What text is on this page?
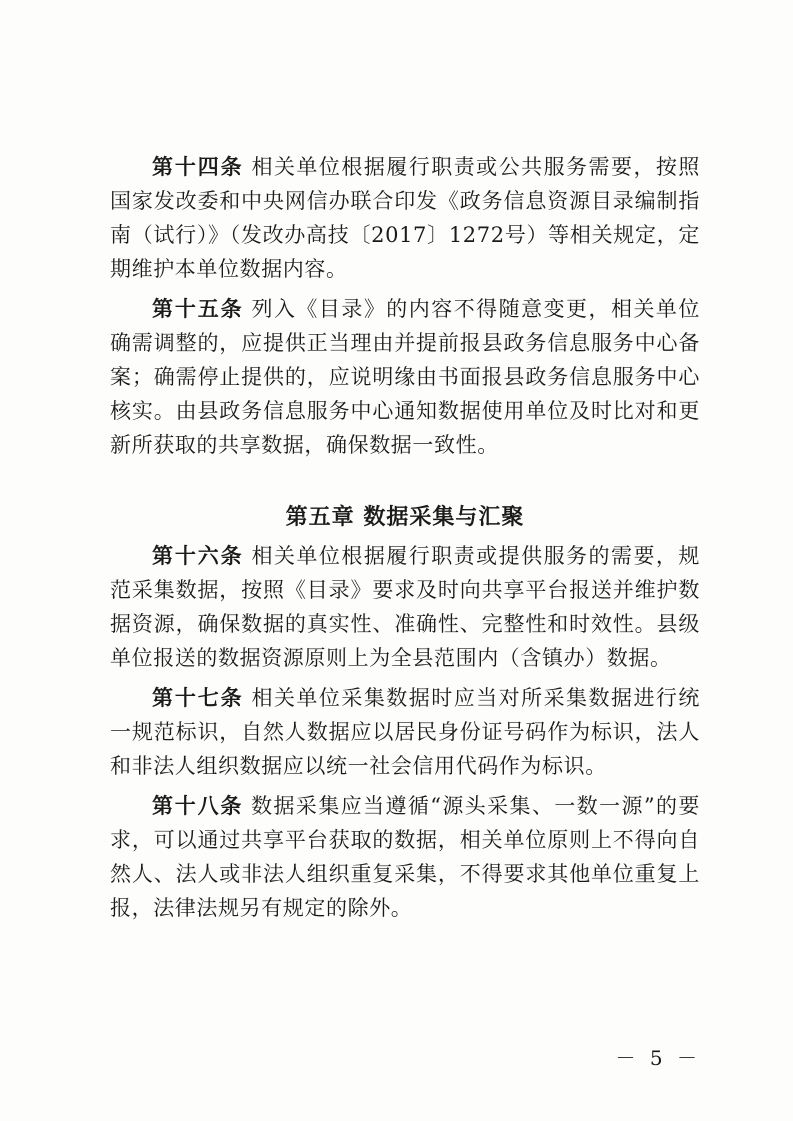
第十四条 相关单位根据履行职责或公共服务需要，按照国家发改委和中央网信办联合印发《政务信息资源目录编制指南（试行）》（发改办高技〔2017〕1272号）等相关规定，定期维护本单位数据内容。

第十五条 列入《目录》的内容不得随意变更，相关单位确需调整的，应提供正当理由并提前报县政务信息服务中心备案；确需停止提供的，应说明缘由书面报县政务信息服务中心核实。由县政务信息服务中心通知数据使用单位及时比对和更新所获取的共享数据，确保数据一致性。

第五章 数据采集与汇聚

第十六条 相关单位根据履行职责或提供服务的需要，规范采集数据，按照《目录》要求及时向共享平台报送并维护数据资源，确保数据的真实性、准确性、完整性和时效性。县级单位报送的数据资源原则上为全县范围内（含镇办）数据。

第十七条 相关单位采集数据时应当对所采集数据进行统一规范标识，自然人数据应以居民身份证号码作为标识，法人和非法人组织数据应以统一社会信用代码作为标识。

第十八条 数据采集应当遵循“源头采集、一数一源”的要求，可以通过共享平台获取的数据，相关单位原则上不得向自然人、法人或非法人组织重复采集，不得要求其他单位重复上报，法律法规另有规定的除外。

－ 5 －
